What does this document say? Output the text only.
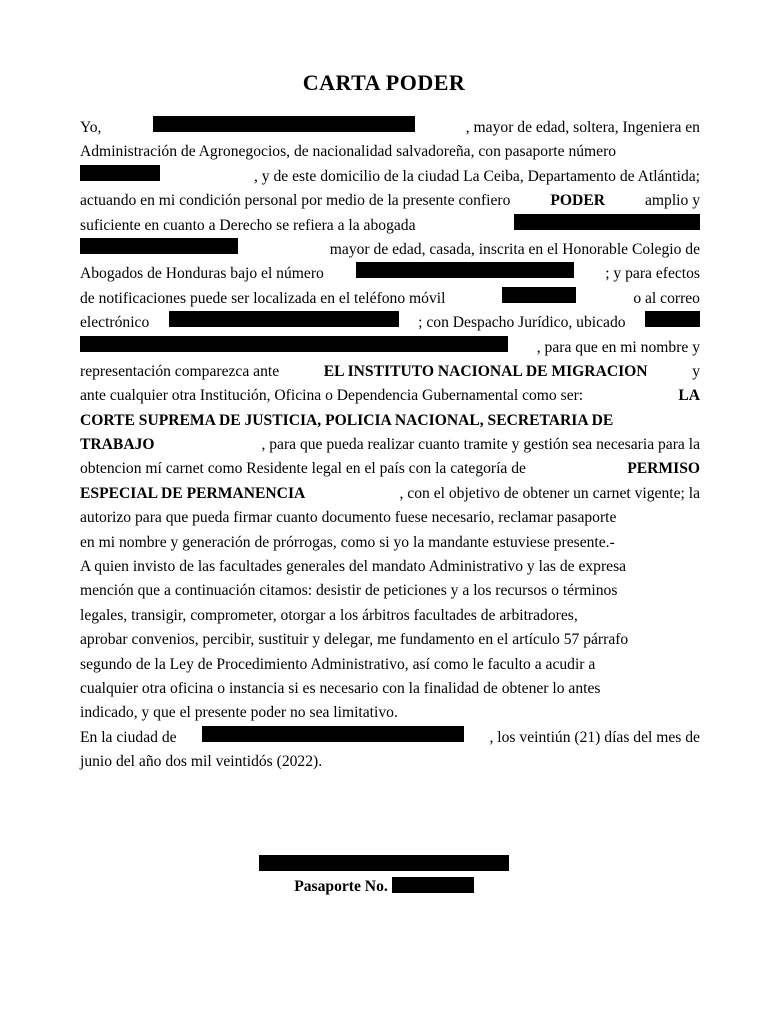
CARTA PODER
Yo,	, mayor de edad, soltera, Ingeniera en
Administración de Agronegocios, de nacionalidad salvadoreña, con pasaporte número
, y de este domicilio de la ciudad La Ceiba, Departamento de Atlántida;
actuando en mi condición personal por medio de la presente confiero	PODER	amplio y
suficiente en cuanto a Derecho se refiera a la abogada
mayor de edad, casada, inscrita en el Honorable Colegio de
Abogados de Honduras bajo el número	; y para efectos
de notificaciones puede ser localizada en el teléfono móvil	o al correo
electrónico	; con Despacho Jurídico, ubicado
, para que en mi nombre y
representación comparezca ante	EL INSTITUTO NACIONAL DE MIGRACION	y
ante cualquier otra Institución, Oficina o Dependencia Gubernamental como ser:	LA
CORTE SUPREMA DE JUSTICIA, POLICIA NACIONAL, SECRETARIA DE
TRABAJO	, para que pueda realizar cuanto tramite y gestión sea necesaria para la
obtencion mí carnet como Residente legal en el país con la categoría de	PERMISO
ESPECIAL DE PERMANENCIA	, con el objetivo de obtener un carnet vigente; la
autorizo para que pueda firmar cuanto documento fuese necesario, reclamar pasaporte
en mi nombre y generación de prórrogas, como si yo la mandante estuviese presente.-
A quien invisto de las facultades generales del mandato Administrativo y las de expresa
mención que a continuación citamos: desistir de peticiones y a los recursos o términos
legales, transigir, comprometer, otorgar a los árbitros facultades de arbitradores,
aprobar convenios, percibir, sustituir y delegar, me fundamento en el artículo 57 párrafo
segundo de la Ley de Procedimiento Administrativo, así como le faculto a acudir a
cualquier otra oficina o instancia si es necesario con la finalidad de obtener lo antes
indicado, y que el presente poder no sea limitativo.
En la ciudad de	, los veintiún (21) días del mes de
junio del año dos mil veintidós (2022).
Pasaporte No.
